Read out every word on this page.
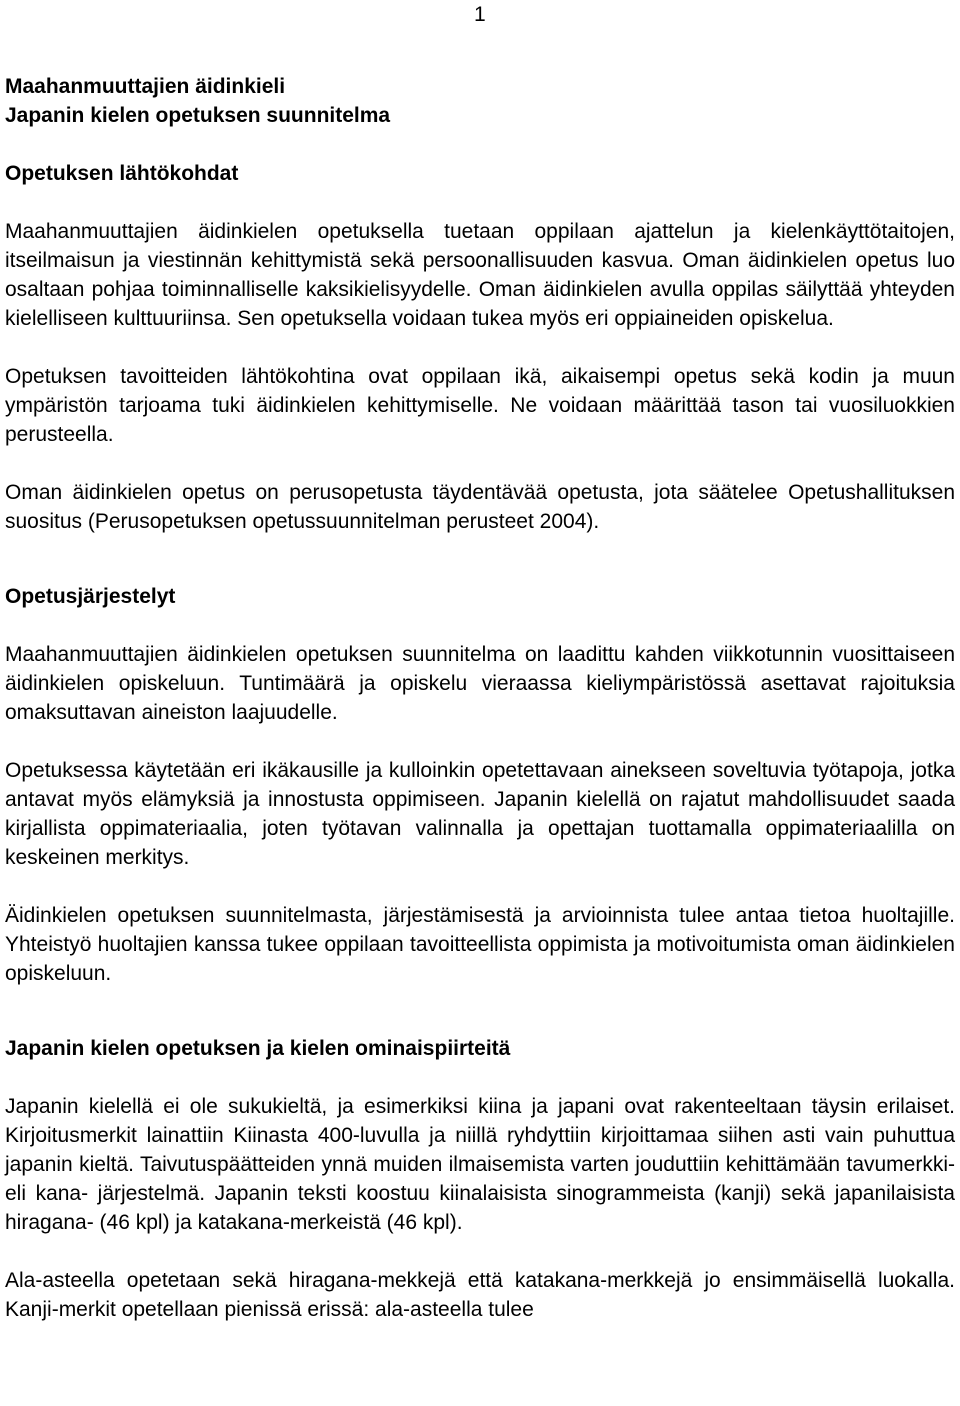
1
Maahanmuuttajien äidinkieli
Japanin kielen opetuksen suunnitelma
Opetuksen lähtökohdat
Maahanmuuttajien äidinkielen opetuksella tuetaan oppilaan ajattelun ja kielenkäyttötaitojen, itseilmaisun ja viestinnän kehittymistä sekä persoonallisuuden kasvua. Oman äidinkielen opetus luo osaltaan pohjaa toiminnalliselle kaksikielisyydelle. Oman äidinkielen avulla oppilas säilyttää yhteyden kielelliseen kulttuuriinsa. Sen opetuksella voidaan tukea myös eri oppiaineiden opiskelua.
Opetuksen tavoitteiden lähtökohtina ovat oppilaan ikä, aikaisempi opetus sekä kodin ja muun ympäristön tarjoama tuki äidinkielen kehittymiselle. Ne voidaan määrittää tason tai vuosiluokkien perusteella.
Oman äidinkielen opetus on perusopetusta täydentävää opetusta, jota säätelee Opetushallituksen suositus (Perusopetuksen opetussuunnitelman perusteet 2004).
Opetusjärjestelyt
Maahanmuuttajien äidinkielen opetuksen suunnitelma on laadittu kahden viikkotunnin vuosittaiseen äidinkielen opiskeluun. Tuntimäärä ja opiskelu vieraassa kieliympäristössä asettavat rajoituksia omaksuttavan aineiston laajuudelle.
Opetuksessa käytetään eri ikäkausille ja kulloinkin opetettavaan ainekseen soveltuvia työtapoja, jotka antavat myös elämyksiä ja innostusta oppimiseen. Japanin kielellä on rajatut mahdollisuudet saada kirjallista oppimateriaalia, joten työtavan valinnalla ja opettajan tuottamalla oppimateriaalilla on keskeinen merkitys.
Äidinkielen opetuksen suunnitelmasta, järjestämisestä ja arvioinnista tulee antaa tietoa huoltajille. Yhteistyö huoltajien kanssa tukee oppilaan tavoitteellista oppimista ja motivoitumista oman äidinkielen opiskeluun.
Japanin kielen opetuksen ja kielen ominaispiirteitä
Japanin kielellä ei ole sukukieltä, ja esimerkiksi kiina ja japani ovat rakenteeltaan täysin erilaiset. Kirjoitusmerkit lainattiin Kiinasta 400-luvulla ja niillä ryhdyttiin kirjoittamaa siihen asti vain puhuttua japanin kieltä. Taivutuspäätteiden ynnä muiden ilmaisemista varten jouduttiin kehittämään tavumerkki- eli kana- järjestelmä. Japanin teksti koostuu kiinalaisista sinogrammeista (kanji) sekä japanilaisista hiragana- (46 kpl) ja katakana-merkeistä (46 kpl).
Ala-asteella opetetaan sekä hiragana-mekkejä että katakana-merkkejä jo ensimmäisellä luokalla. Kanji-merkit opetellaan pienissä erissä: ala-asteella tulee
